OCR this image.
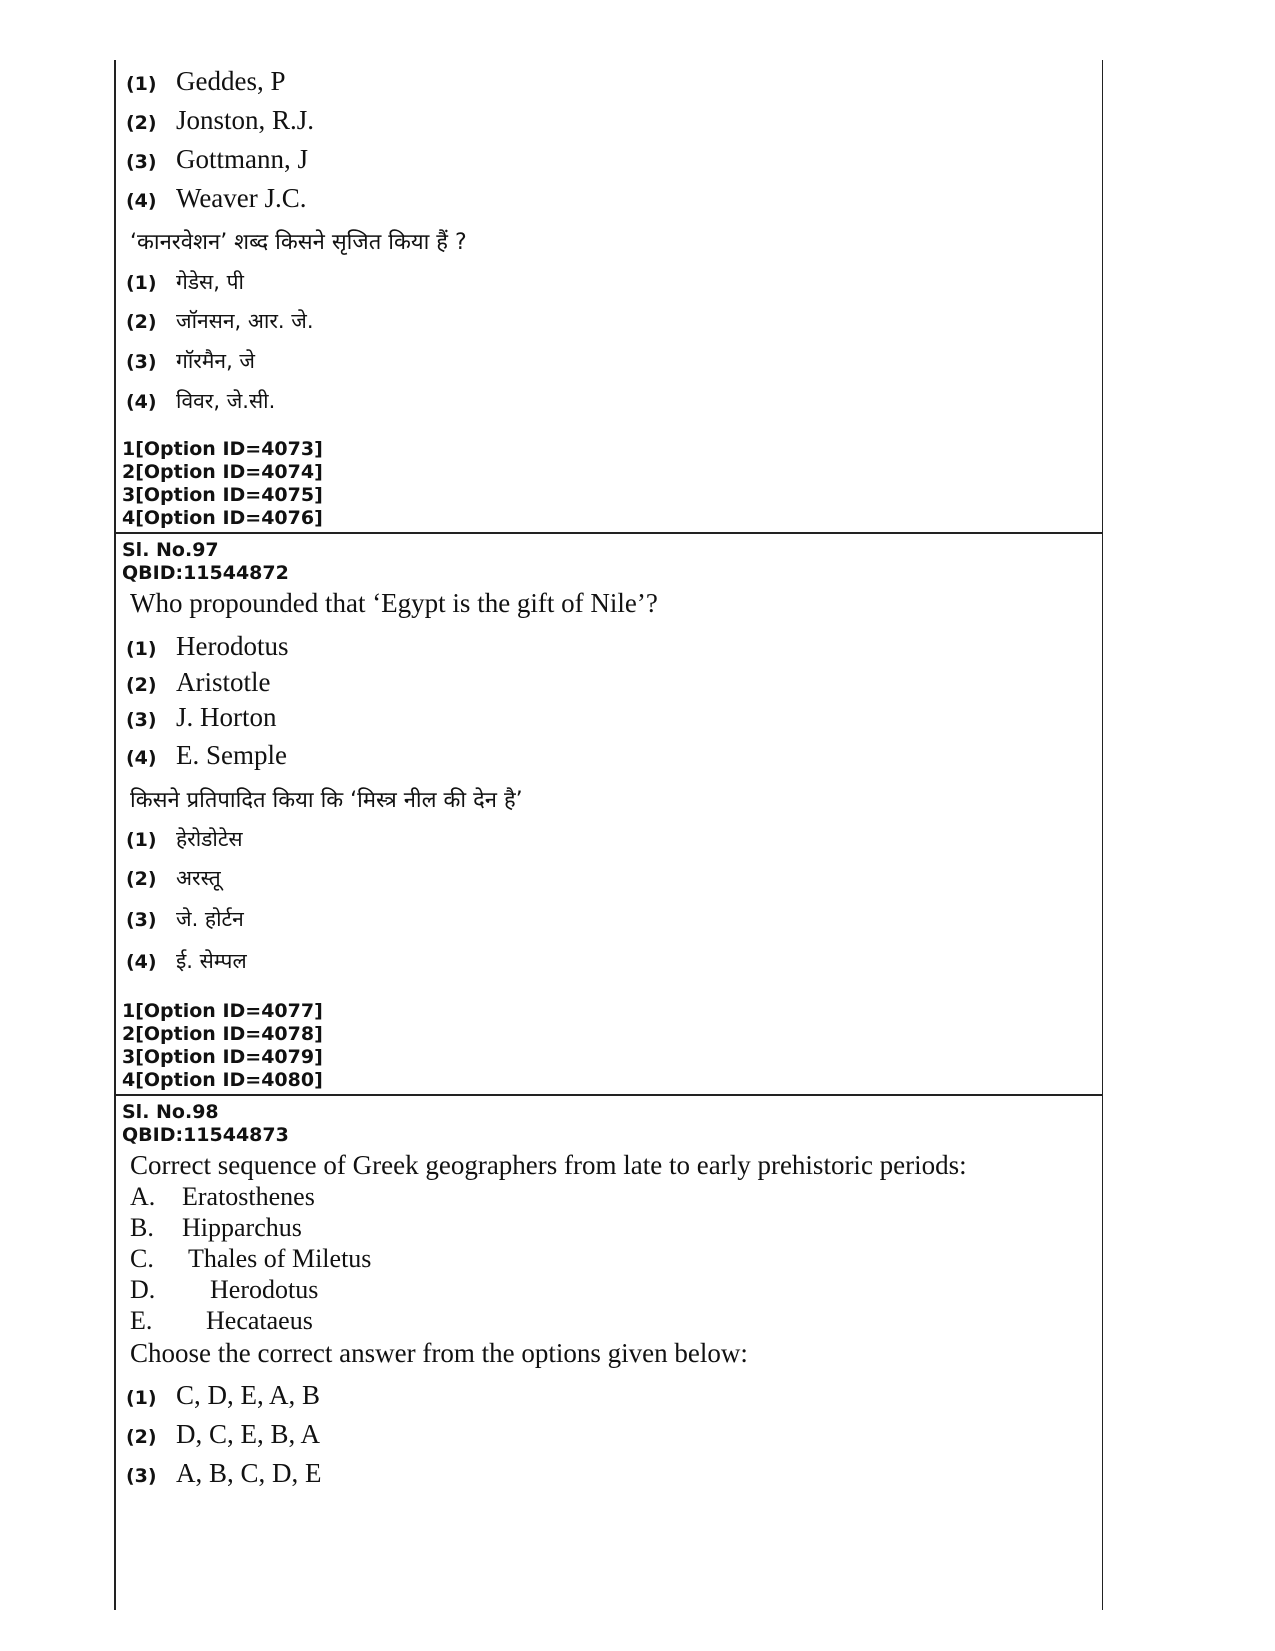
(1) Geddes, P
(2) Jonston, R.J.
(3) Gottmann, J
(4) Weaver J.C.
‘कानरवेशन’ शब्द किसने सृजित किया हैं ?
(1) गेडेस, पी
(2) जॉनसन, आर. जे.
(3) गॉरमैन, जे
(4) विवर, जे.सी.
1[Option ID=4073]
2[Option ID=4074]
3[Option ID=4075]
4[Option ID=4076]
Sl. No.97
QBID:11544872
Who propounded that ‘Egypt is the gift of Nile’?
(1) Herodotus
(2) Aristotle
(3) J. Horton
(4) E. Semple
किसने प्रतिपादित किया कि ‘मिस्त्र नील की देन है’
(1) हेरोडोटेस
(2) अरस्तू
(3) जे. होर्टन
(4) ई. सेम्पल
1[Option ID=4077]
2[Option ID=4078]
3[Option ID=4079]
4[Option ID=4080]
Sl. No.98
QBID:11544873
Correct sequence of Greek geographers from late to early prehistoric periods:
A.	Eratosthenes
B.	Hipparchus
C.	Thales of Miletus
D.	Herodotus
E.	Hecataeus
Choose the correct answer from the options given below:
(1) C, D, E, A, B
(2) D, C, E, B, A
(3) A, B, C, D, E
